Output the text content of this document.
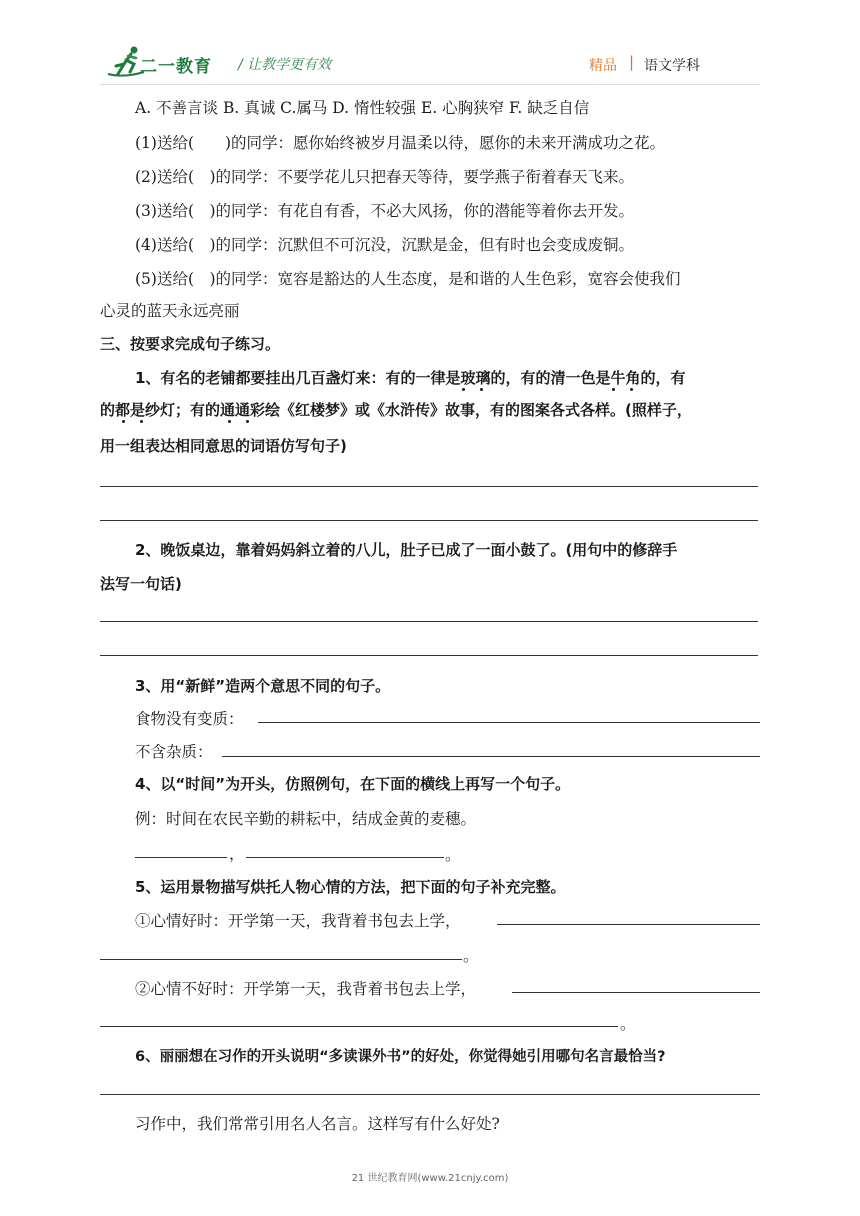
二一教育 / 让教学更有效	精品 | 语文学科
A. 不善言谈 B. 真诚 C.属马 D. 惰性较强 E. 心胸狭窄 F. 缺乏自信
(1)送给(　　)的同学：愿你始终被岁月温柔以待，愿你的未来开满成功之花。
(2)送给(　)的同学：不要学花儿只把春天等待，要学燕子衔着春天飞来。
(3)送给(　)的同学：有花自有香，不必大风扬，你的潜能等着你去开发。
(4)送给(　)的同学：沉默但不可沉没，沉默是金，但有时也会变成废铜。
(5)送给(　)的同学：宽容是豁达的人生态度，是和谐的人生色彩，宽容会使我们
心灵的蓝天永远亮丽
三、按要求完成句子练习。
1、有名的老铺都要挂出几百盏灯来：有的一律是玻璃的，有的清一色是牛角的，有
的都是纱灯；有的通通彩绘《红楼梦》或《水浒传》故事，有的图案各式各样。(照样子，
用一组表达相同意思的词语仿写句子)
2、晚饭桌边，靠着妈妈斜立着的八儿，肚子已成了一面小鼓了。(用句中的修辞手
法写一句话)
3、用“新鲜”造两个意思不同的句子。
食物没有变质：
不含杂质：
4、以“时间”为开头，仿照例句，在下面的横线上再写一个句子。
例：时间在农民辛勤的耕耘中，结成金黄的麦穗。
，	。
5、运用景物描写烘托人物心情的方法，把下面的句子补充完整。
①心情好时：开学第一天，我背着书包去上学，
。
②心情不好时：开学第一天，我背着书包去上学，
。
6、丽丽想在习作的开头说明“多读课外书”的好处，你觉得她引用哪句名言最恰当?
习作中，我们常常引用名人名言。这样写有什么好处?
21 世纪教育网(www.21cnjy.com)
